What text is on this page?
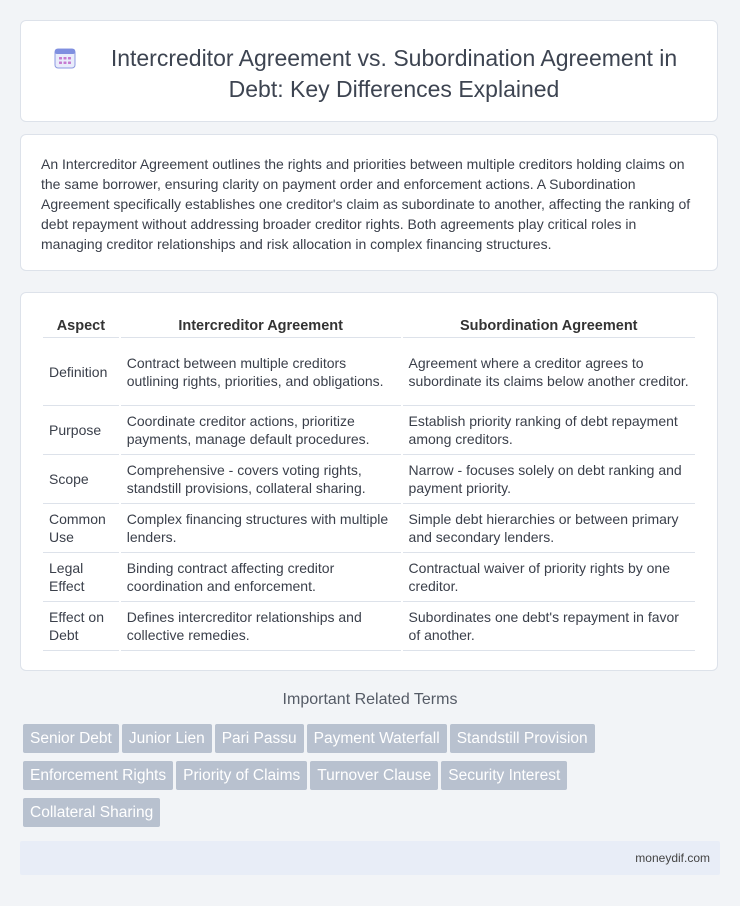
Intercreditor Agreement vs. Subordination Agreement in Debt: Key Differences Explained

An Intercreditor Agreement outlines the rights and priorities between multiple creditors holding claims on the same borrower, ensuring clarity on payment order and enforcement actions. A Subordination Agreement specifically establishes one creditor's claim as subordinate to another, affecting the ranking of debt repayment without addressing broader creditor rights. Both agreements play critical roles in managing creditor relationships and risk allocation in complex financing structures.

Aspect	Intercreditor Agreement	Subordination Agreement
Definition	Contract between multiple creditors outlining rights, priorities, and obligations.	Agreement where a creditor agrees to subordinate its claims below another creditor.
Purpose	Coordinate creditor actions, prioritize payments, manage default procedures.	Establish priority ranking of debt repayment among creditors.
Scope	Comprehensive - covers voting rights, standstill provisions, collateral sharing.	Narrow - focuses solely on debt ranking and payment priority.
Common Use	Complex financing structures with multiple lenders.	Simple debt hierarchies or between primary and secondary lenders.
Legal Effect	Binding contract affecting creditor coordination and enforcement.	Contractual waiver of priority rights by one creditor.
Effect on Debt	Defines intercreditor relationships and collective remedies.	Subordinates one debt's repayment in favor of another.
Important Related Terms
Senior Debt Junior Lien Pari Passu Payment Waterfall Standstill Provision
Enforcement Rights Priority of Claims Turnover Clause Security Interest
Collateral Sharing
moneydif.com
